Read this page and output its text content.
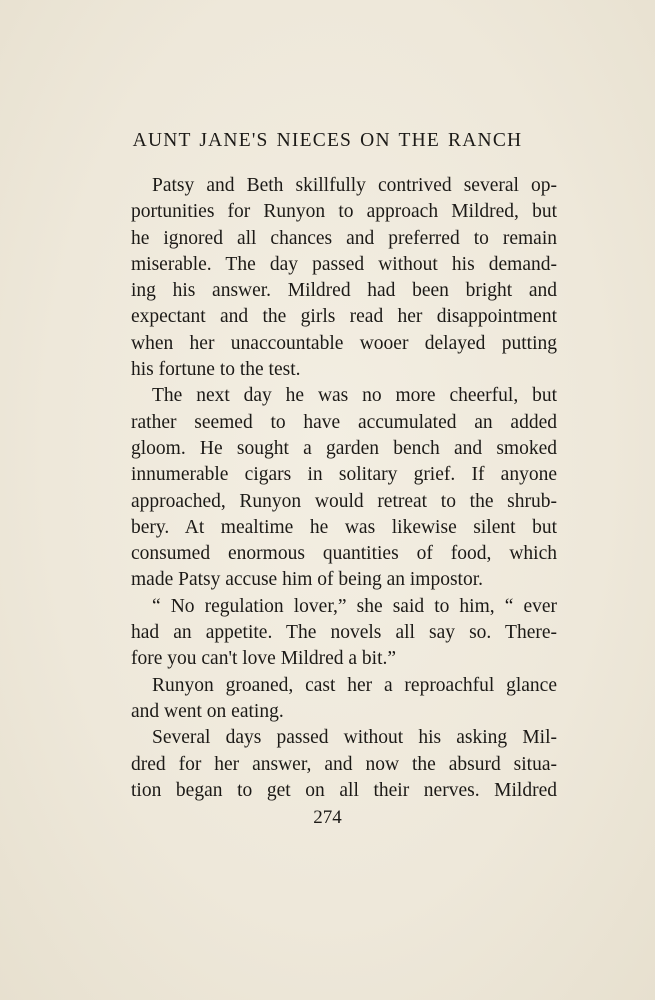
AUNT JANE'S NIECES ON THE RANCH
Patsy and Beth skillfully contrived several op-
portunities for Runyon to approach Mildred, but
he ignored all chances and preferred to remain
miserable. The day passed without his demand-
ing his answer. Mildred had been bright and
expectant and the girls read her disappointment
when her unaccountable wooer delayed putting
his fortune to the test.
The next day he was no more cheerful, but
rather seemed to have accumulated an added
gloom. He sought a garden bench and smoked
innumerable cigars in solitary grief. If anyone
approached, Runyon would retreat to the shrub-
bery. At mealtime he was likewise silent but
consumed enormous quantities of food, which
made Patsy accuse him of being an impostor.
“ No regulation lover,” she said to him, “ ever
had an appetite. The novels all say so. There-
fore you can't love Mildred a bit.”
Runyon groaned, cast her a reproachful glance
and went on eating.
Several days passed without his asking Mil-
dred for her answer, and now the absurd situa-
tion began to get on all their nerves. Mildred
274
